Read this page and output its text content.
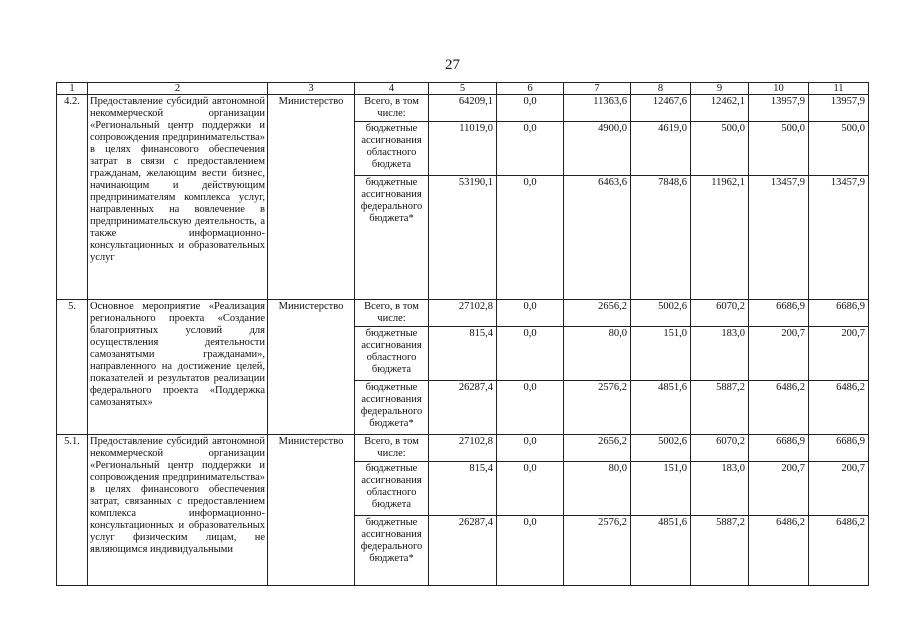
27
1	2	3	4	5	6	7	8	9	10	11
4.2.	Предоставление субсидий автономной некоммерческой организации «Региональный центр поддержки и сопровождения предпринимательства» в целях финансового обеспечения затрат в связи с предоставлением гражданам, желающим вести бизнес, начинающим и действующим предпринимателям комплекса услуг, направленных на вовлечение в предпринимательскую деятельность, а также информационно-консультационных и образовательных услуг	Министерство	Всего, в том числе:	64209,1	0,0	11363,6	12467,6	12462,1	13957,9	13957,9
			бюджетные ассигнования областного бюджета	11019,0	0,0	4900,0	4619,0	500,0	500,0	500,0
			бюджетные ассигнования федерального бюджета*	53190,1	0,0	6463,6	7848,6	11962,1	13457,9	13457,9
5.	Основное мероприятие «Реализация регионального проекта «Создание благоприятных условий для осуществления деятельности самозанятыми гражданами», направленного на достижение целей, показателей и результатов реализации федерального проекта «Поддержка самозанятых»	Министерство	Всего, в том числе:	27102,8	0,0	2656,2	5002,6	6070,2	6686,9	6686,9
			бюджетные ассигнования областного бюджета	815,4	0,0	80,0	151,0	183,0	200,7	200,7
			бюджетные ассигнования федерального бюджета*	26287,4	0,0	2576,2	4851,6	5887,2	6486,2	6486,2
5.1.	Предоставление субсидий автономной некоммерческой организации «Региональный центр поддержки и сопровождения предпринимательства» в целях финансового обеспечения затрат, связанных с предоставлением комплекса информационно-консультационных и образовательных услуг физическим лицам, не являющимся индивидуальными	Министерство	Всего, в том числе:	27102,8	0,0	2656,2	5002,6	6070,2	6686,9	6686,9
			бюджетные ассигнования областного бюджета	815,4	0,0	80,0	151,0	183,0	200,7	200,7
			бюджетные ассигнования федерального бюджета*	26287,4	0,0	2576,2	4851,6	5887,2	6486,2	6486,2
